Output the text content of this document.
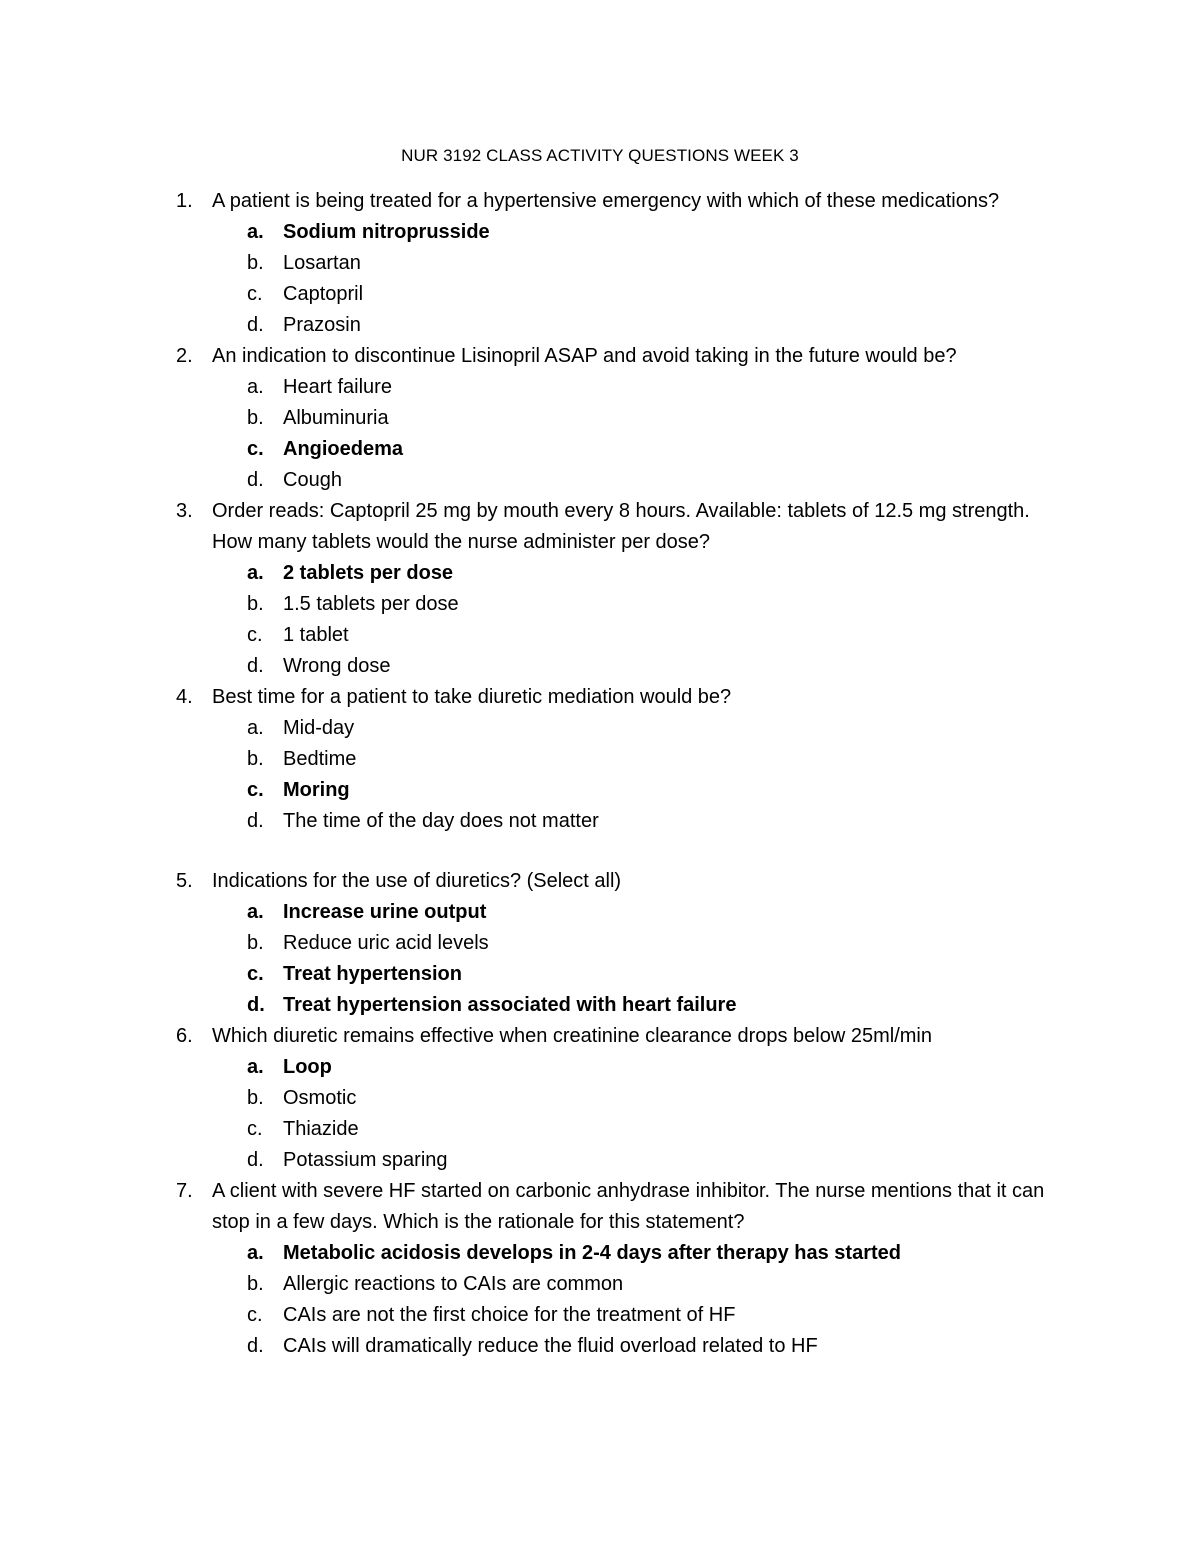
NUR 3192 CLASS ACTIVITY QUESTIONS WEEK 3
1. A patient is being treated for a hypertensive emergency with which of these medications?
a. Sodium nitroprusside
b. Losartan
c.	Captopril
d. Prazosin
2. An indication to discontinue Lisinopril ASAP and avoid taking in the future would be?
a. Heart failure
b. Albuminuria
c. Angioedema
d. Cough
3. Order reads: Captopril 25 mg by mouth every 8 hours. Available: tablets of 12.5 mg strength. How many tablets would the nurse administer per dose?
a. 2 tablets per dose
b. 1.5 tablets per dose
c.	1 tablet
d. Wrong dose
4. Best time for a patient to take diuretic mediation would be?
a. Mid-day
b. Bedtime
c. Moring
d. The time of the day does not matter
5. Indications for the use of diuretics? (Select all)
a. Increase urine output
b. Reduce uric acid levels
c. Treat hypertension
d. Treat hypertension associated with heart failure
6. Which diuretic remains effective when creatinine clearance drops below 25ml/min
a. Loop
b. Osmotic
c.	Thiazide
d. Potassium sparing
7. A client with severe HF started on carbonic anhydrase inhibitor. The nurse mentions that it can stop in a few days. Which is the rationale for this statement?
a. Metabolic acidosis develops in 2-4 days after therapy has started
b. Allergic reactions to CAIs are common
c.	CAIs are not the first choice for the treatment of HF
d. CAIs will dramatically reduce the fluid overload related to HF
